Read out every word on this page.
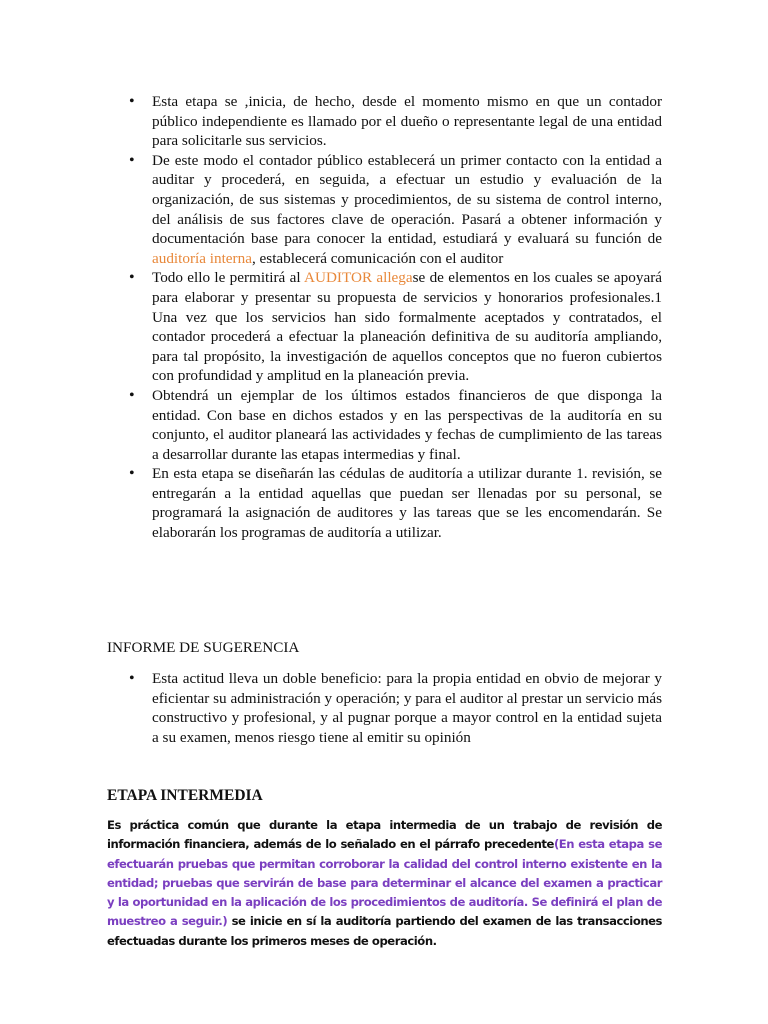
• Esta etapa se ,inicia, de hecho, desde el momento mismo en que un contador público independiente es llamado por el dueño o representante legal de una entidad para solicitarle sus servicios.
• De este modo el contador público establecerá un primer contacto con la entidad a auditar y procederá, en seguida, a efectuar un estudio y evaluación de la organización, de sus sistemas y procedimientos, de su sistema de control interno, del análisis de sus factores clave de operación. Pasará a obtener información y documentación base para conocer la entidad, estudiará y evaluará su función de auditoría interna, establecerá comunicación con el auditor
• Todo ello le permitirá al AUDITOR allegase de elementos en los cuales se apoyará para elaborar y presentar su propuesta de servicios y honorarios profesionales.1 Una vez que los servicios han sido formalmente aceptados y contratados, el contador procederá a efectuar la planeación definitiva de su auditoría ampliando, para tal propósito, la investigación de aquellos conceptos que no fueron cubiertos con profundidad y amplitud en la planeación previa.
• Obtendrá un ejemplar de los últimos estados financieros de que disponga la entidad. Con base en dichos estados y en las perspectivas de la auditoría en su conjunto, el auditor planeará las actividades y fechas de cumplimiento de las tareas a desarrollar durante las etapas intermedias y final.
• En esta etapa se diseñarán las cédulas de auditoría a utilizar durante 1. revisión, se entregarán a la entidad aquellas que puedan ser llenadas por su personal, se programará la asignación de auditores y las tareas que se les encomendarán. Se elaborarán los programas de auditoría a utilizar.
INFORME DE SUGERENCIA
• Esta actitud lleva un doble beneficio: para la propia entidad en obvio de mejorar y eficientar su administración y operación; y para el auditor al prestar un servicio más constructivo y profesional, y al pugnar porque a mayor control en la entidad sujeta a su examen, menos riesgo tiene al emitir su opinión
ETAPA INTERMEDIA

Es práctica común que durante la etapa intermedia de un trabajo de revisión de información financiera, además de lo señalado en el párrafo precedente(En esta etapa se efectuarán pruebas que permitan corroborar la calidad del control interno existente en la entidad; pruebas que servirán de base para determinar el alcance del examen a practicar y la oportunidad en la aplicación de los procedimientos de auditoría. Se definirá el plan de muestreo a seguir.) se inicie en sí la auditoría partiendo del examen de las transacciones efectuadas durante los primeros meses de operación.
